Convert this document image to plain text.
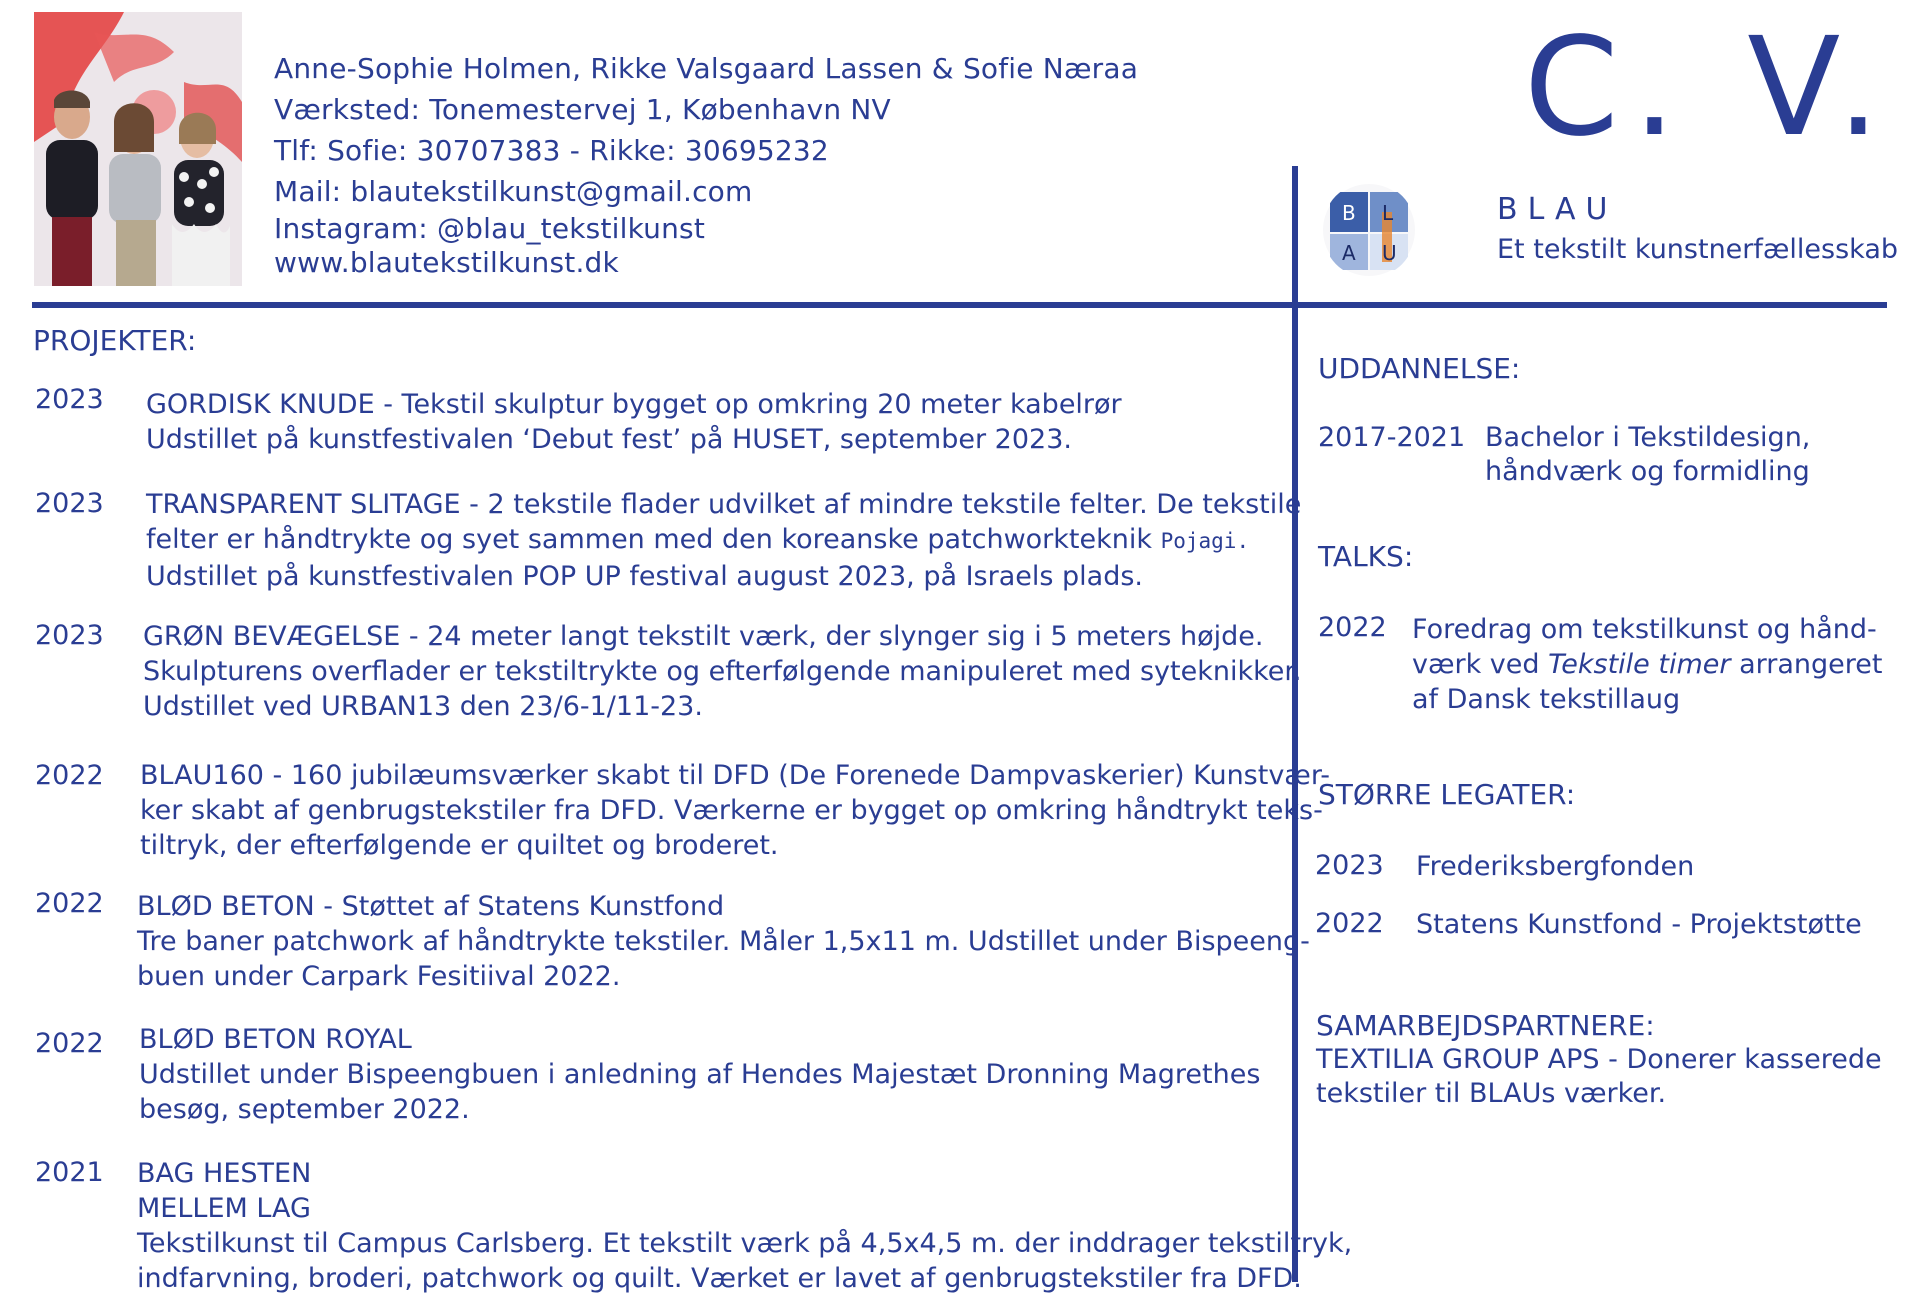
Anne-Sophie Holmen, Rikke Valsgaard Lassen & Sofie Næraa
Værksted: Tonemestervej 1, København NV
Tlf: Sofie: 30707383 - Rikke: 30695232
Mail: blautekstilkunst@gmail.com
Instagram: @blau_tekstilkunst
www.blautekstilkunst.dk
C. V.
B L
A U
BLAU
Et tekstilt kunstnerfællesskab
PROJEKTER:
2023 GORDISK KNUDE - Tekstil skulptur bygget op omkring 20 meter kabelrør
Udstillet på kunstfestivalen ‘Debut fest’ på HUSET, september 2023.
2023 TRANSPARENT SLITAGE - 2 tekstile flader udvilket af mindre tekstile felter. De tekstile
felter er håndtrykte og syet sammen med den koreanske patchworkteknik Pojagi.
Udstillet på kunstfestivalen POP UP festival august 2023, på Israels plads.
2023 GRØN BEVÆGELSE - 24 meter langt tekstilt værk, der slynger sig i 5 meters højde.
Skulpturens overflader er tekstiltrykte og efterfølgende manipuleret med syteknikker.
Udstillet ved URBAN13 den 23/6-1/11-23.
2022 BLAU160 - 160 jubilæumsværker skabt til DFD (De Forenede Dampvaskerier) Kunstvær-
ker skabt af genbrugstekstiler fra DFD. Værkerne er bygget op omkring håndtrykt teks-
tiltryk, der efterfølgende er quiltet og broderet.
2022 BLØD BETON - Støttet af Statens Kunstfond
Tre baner patchwork af håndtrykte tekstiler. Måler 1,5x11 m. Udstillet under Bispeeng-
buen under Carpark Fesitiival 2022.
2022 BLØD BETON ROYAL
Udstillet under Bispeengbuen i anledning af Hendes Majestæt Dronning Magrethes
besøg, september 2022.
2021 BAG HESTEN
MELLEM LAG
Tekstilkunst til Campus Carlsberg. Et tekstilt værk på 4,5x4,5 m. der inddrager tekstiltryk,
indfarvning, broderi, patchwork og quilt. Værket er lavet af genbrugstekstiler fra DFD.
UDDANNELSE:
2017-2021 Bachelor i Tekstildesign,
håndværk og formidling
TALKS:
2022 Foredrag om tekstilkunst og hånd-
værk ved Tekstile timer arrangeret
af Dansk tekstillaug
STØRRE LEGATER:
2023 Frederiksbergfonden
2022 Statens Kunstfond - Projektstøtte
SAMARBEJDSPARTNERE:
TEXTILIA GROUP APS - Donerer kasserede
tekstiler til BLAUs værker.
